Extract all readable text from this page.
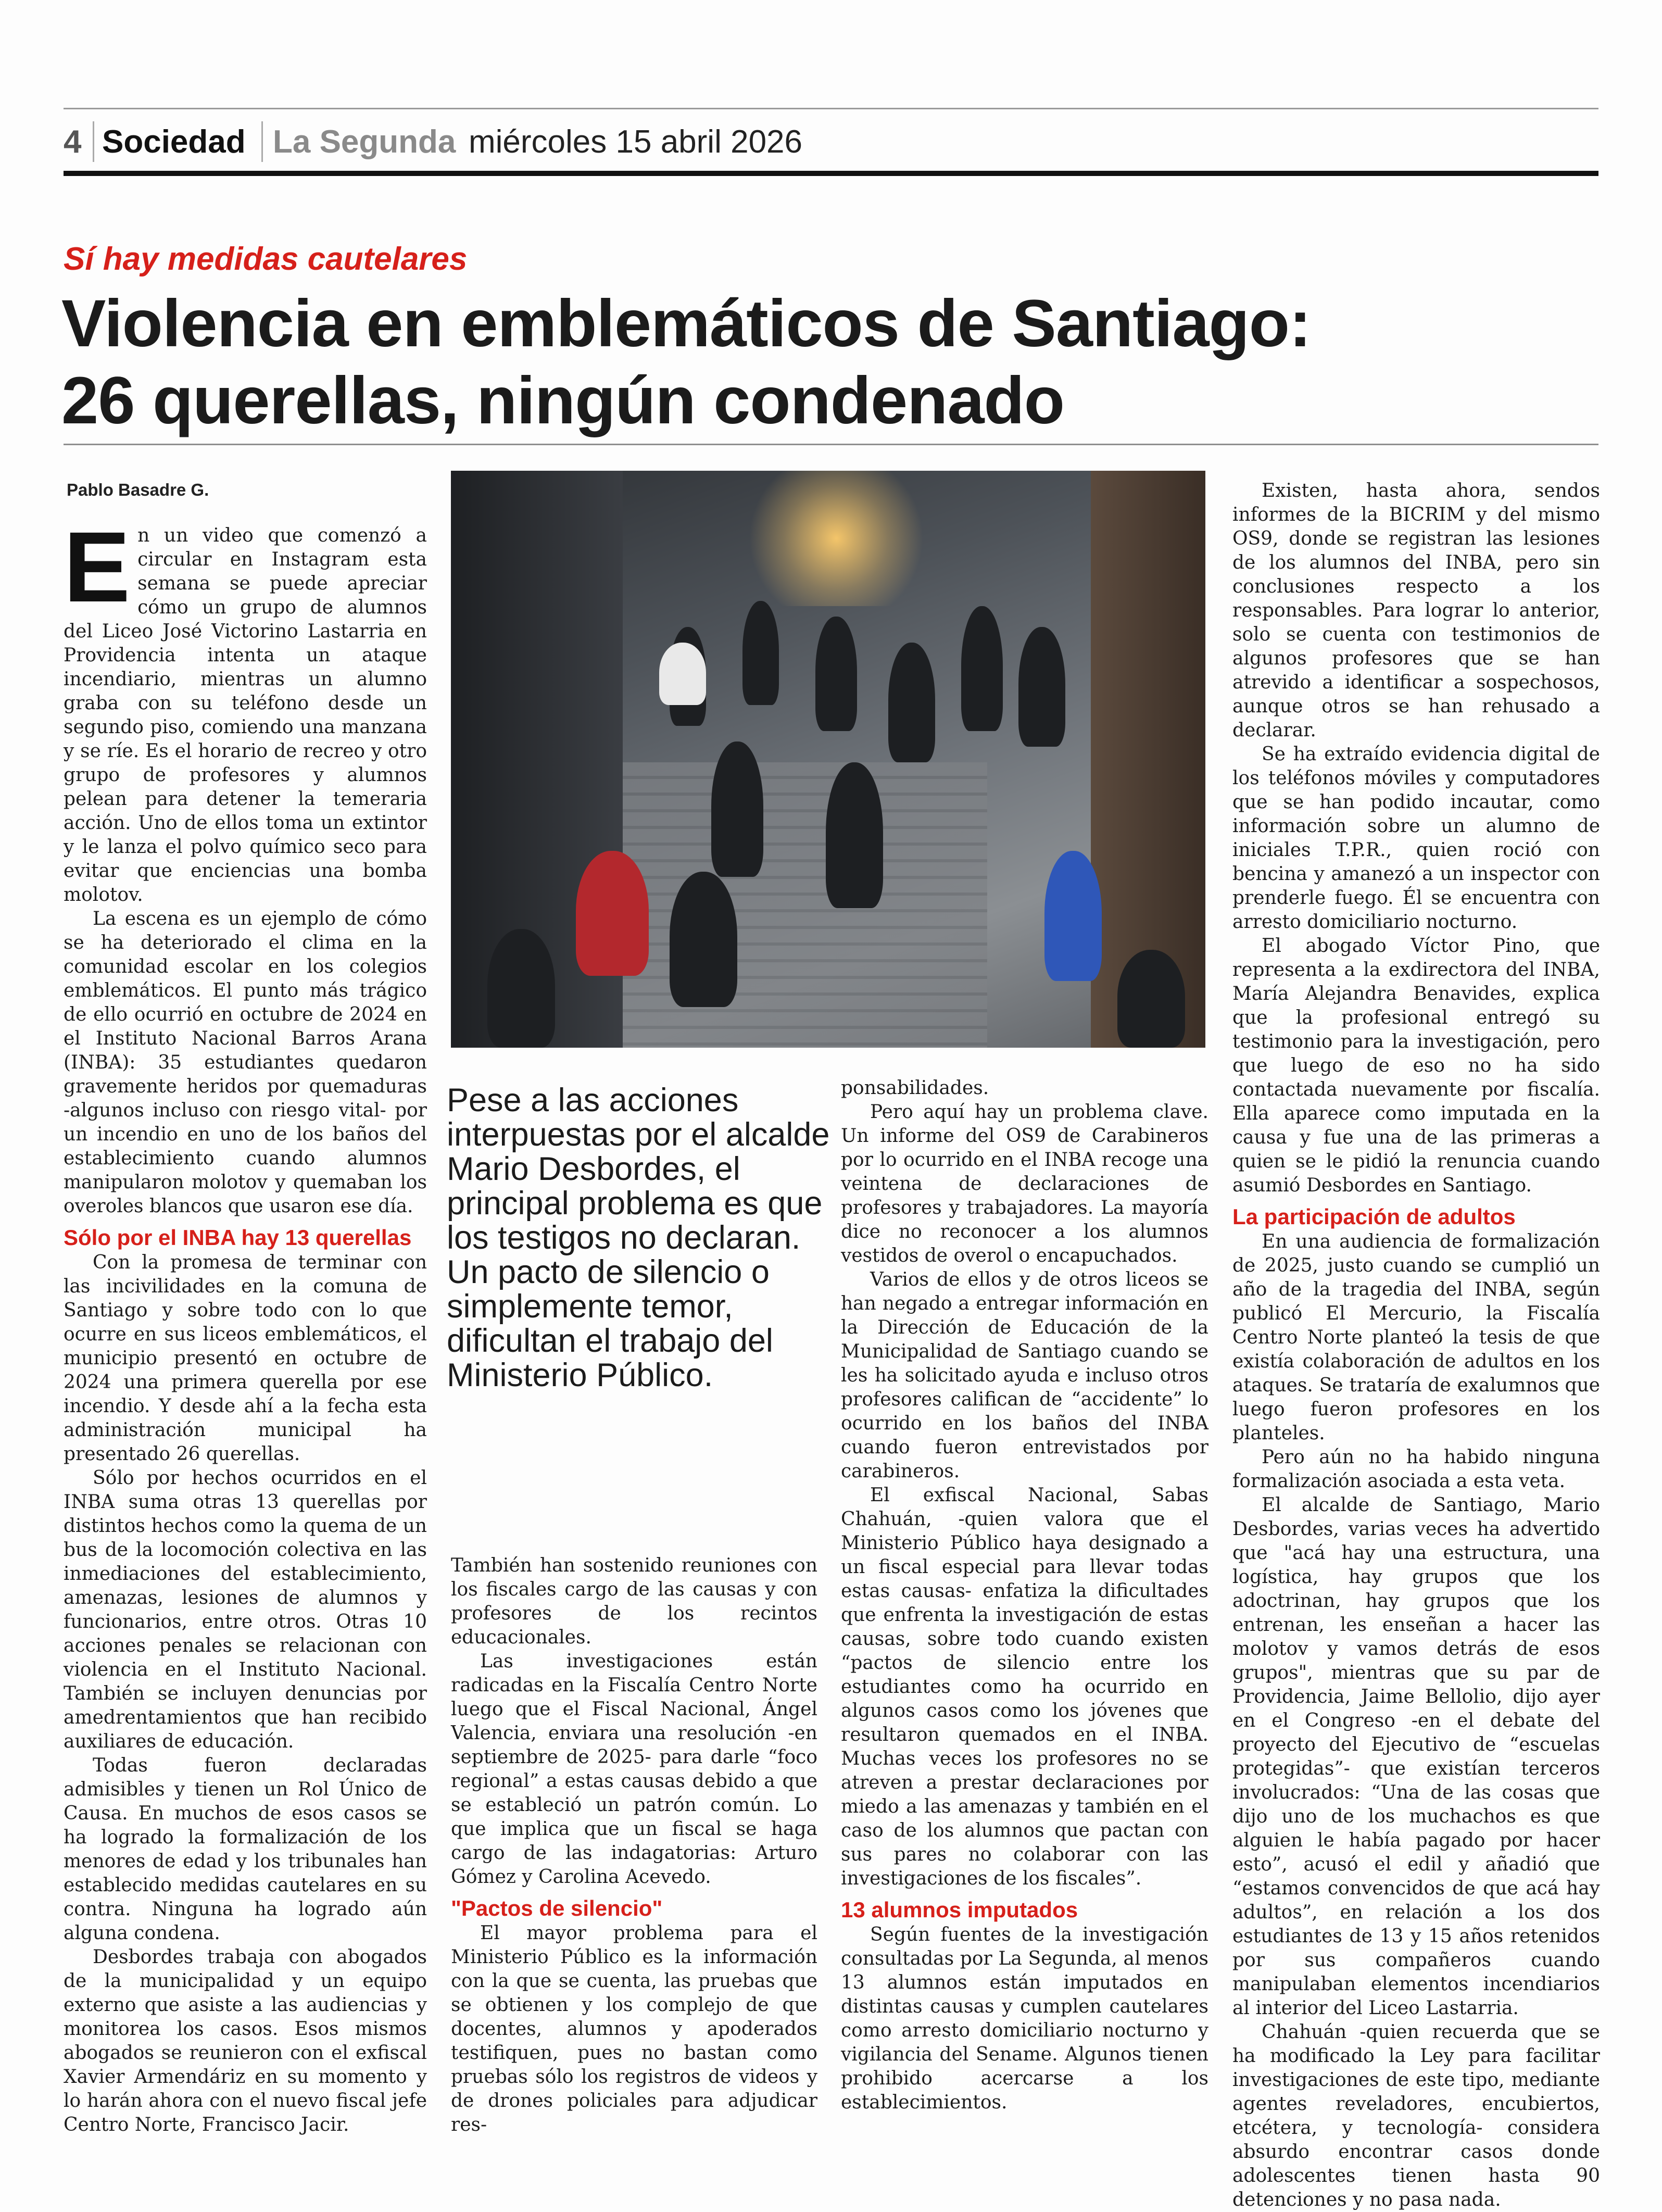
4 Sociedad La Segunda miércoles 15 abril 2026
Sí hay medidas cautelares
Violencia en emblemáticos de Santiago:
26 querellas, ningún condenado
Pablo Basadre G.

En un video que comenzó a circular en Instagram esta semana se puede apreciar cómo un grupo de alumnos del Liceo José Victorino Lastarria en Providencia intenta un ataque incendiario, mientras un alumno graba con su teléfono desde un segundo piso, comiendo una manzana y se ríe. Es el horario de recreo y otro grupo de profesores y alumnos pelean para detener la temeraria acción. Uno de ellos toma un extintor y le lanza el polvo químico seco para evitar que enciencias una bomba molotov.

La escena es un ejemplo de cómo se ha deteriorado el clima en la comunidad escolar en los colegios emblemáticos. El punto más trágico de ello ocurrió en octubre de 2024 en el Instituto Nacional Barros Arana (INBA): 35 estudiantes quedaron gravemente heridos por quemaduras -algunos incluso con riesgo vital- por un incendio en uno de los baños del establecimiento cuando alumnos manipularon molotov y quemaban los overoles blancos que usaron ese día.

Sólo por el INBA hay 13 querellas

Con la promesa de terminar con las incivilidades en la comuna de Santiago y sobre todo con lo que ocurre en sus liceos emblemáticos, el municipio presentó en octubre de 2024 una primera querella por ese incendio. Y desde ahí a la fecha esta administración municipal ha presentado 26 querellas.

Sólo por hechos ocurridos en el INBA suma otras 13 querellas por distintos hechos como la quema de un bus de la locomoción colectiva en las inmediaciones del establecimiento, amenazas, lesiones de alumnos y funcionarios, entre otros. Otras 10 acciones penales se relacionan con violencia en el Instituto Nacional. También se incluyen denuncias por amedrentamientos que han recibido auxiliares de educación.

Todas fueron declaradas admisibles y tienen un Rol Único de Causa. En muchos de esos casos se ha logrado la formalización de los menores de edad y los tribunales han establecido medidas cautelares en su contra. Ninguna ha logrado aún alguna condena.

Desbordes trabaja con abogados de la municipalidad y un equipo externo que asiste a las audiencias y monitorea los casos. Esos mismos abogados se reunieron con el exfiscal Xavier Armendáriz en su momento y lo harán ahora con el nuevo fiscal jefe Centro Norte, Francisco Jacir.

Pese a las acciones interpuestas por el alcalde Mario Desbordes, el principal problema es que los testigos no declaran. Un pacto de silencio o simplemente temor, dificultan el trabajo del Ministerio Público.

También han sostenido reuniones con los fiscales cargo de las causas y con profesores de los recintos educacionales.

Las investigaciones están radicadas en la Fiscalía Centro Norte luego que el Fiscal Nacional, Ángel Valencia, enviara una resolución -en septiembre de 2025- para darle “foco regional” a estas causas debido a que se estableció un patrón común. Lo que implica que un fiscal se haga cargo de las indagatorias: Arturo Gómez y Carolina Acevedo.

"Pactos de silencio"

El mayor problema para el Ministerio Público es la información con la que se cuenta, las pruebas que se obtienen y los complejo de que docentes, alumnos y apoderados testifiquen, pues no bastan como pruebas sólo los registros de videos y de drones policiales para adjudicar res-

ponsabilidades.

Pero aquí hay un problema clave. Un informe del OS9 de Carabineros por lo ocurrido en el INBA recoge una veintena de declaraciones de profesores y trabajadores. La mayoría dice no reconocer a los alumnos vestidos de overol o encapuchados.

Varios de ellos y de otros liceos se han negado a entregar información en la Dirección de Educación de la Municipalidad de Santiago cuando se les ha solicitado ayuda e incluso otros profesores califican de “accidente” lo ocurrido en los baños del INBA cuando fueron entrevistados por carabineros.

El exfiscal Nacional, Sabas Chahuán, -quien valora que el Ministerio Público haya designado a un fiscal especial para llevar todas estas causas- enfatiza la dificultades que enfrenta la investigación de estas causas, sobre todo cuando existen “pactos de silencio entre los estudiantes como ha ocurrido en algunos casos como los jóvenes que resultaron quemados en el INBA. Muchas veces los profesores no se atreven a prestar declaraciones por miedo a las amenazas y también en el caso de los alumnos que pactan con sus pares no colaborar con las investigaciones de los fiscales”.

13 alumnos imputados

Según fuentes de la investigación consultadas por La Segunda, al menos 13 alumnos están imputados en distintas causas y cumplen cautelares como arresto domiciliario nocturno y vigilancia del Sename. Algunos tienen prohibido acercarse a los establecimientos.

Existen, hasta ahora, sendos informes de la BICRIM y del mismo OS9, donde se registran las lesiones de los alumnos del INBA, pero sin conclusiones respecto a los responsables. Para lograr lo anterior, solo se cuenta con testimonios de algunos profesores que se han atrevido a identificar a sospechosos, aunque otros se han rehusado a declarar.

Se ha extraído evidencia digital de los teléfonos móviles y computadores que se han podido incautar, como información sobre un alumno de iniciales T.P.R., quien roció con bencina y amanezó a un inspector con prenderle fuego. Él se encuentra con arresto domiciliario nocturno.

El abogado Víctor Pino, que representa a la exdirectora del INBA, María Alejandra Benavides, explica que la profesional entregó su testimonio para la investigación, pero que luego de eso no ha sido contactada nuevamente por fiscalía. Ella aparece como imputada en la causa y fue una de las primeras a quien se le pidió la renuncia cuando asumió Desbordes en Santiago.

La participación de adultos

En una audiencia de formalización de 2025, justo cuando se cumplió un año de la tragedia del INBA, según publicó El Mercurio, la Fiscalía Centro Norte planteó la tesis de que existía colaboración de adultos en los ataques. Se trataría de exalumnos que luego fueron profesores en los planteles.

Pero aún no ha habido ninguna formalización asociada a esta veta.

El alcalde de Santiago, Mario Desbordes, varias veces ha advertido que "acá hay una estructura, una logística, hay grupos que los adoctrinan, hay grupos que los entrenan, les enseñan a hacer las molotov y vamos detrás de esos grupos", mientras que su par de Providencia, Jaime Bellolio, dijo ayer en el Congreso -en el debate del proyecto del Ejecutivo de “escuelas protegidas”- que existían terceros involucrados: “Una de las cosas que dijo uno de los muchachos es que alguien le había pagado por hacer esto”, acusó el edil y añadió que “estamos convencidos de que acá hay adultos”, en relación a los dos estudiantes de 13 y 15 años retenidos por sus compañeros cuando manipulaban elementos incendiarios al interior del Liceo Lastarria.

Chahuán -quien recuerda que se ha modificado la Ley para facilitar investigaciones de este tipo, mediante agentes reveladores, encubiertos, etcétera, y tecnología- considera absurdo encontrar casos donde adolescentes tienen hasta 90 detenciones y no pasa nada.
